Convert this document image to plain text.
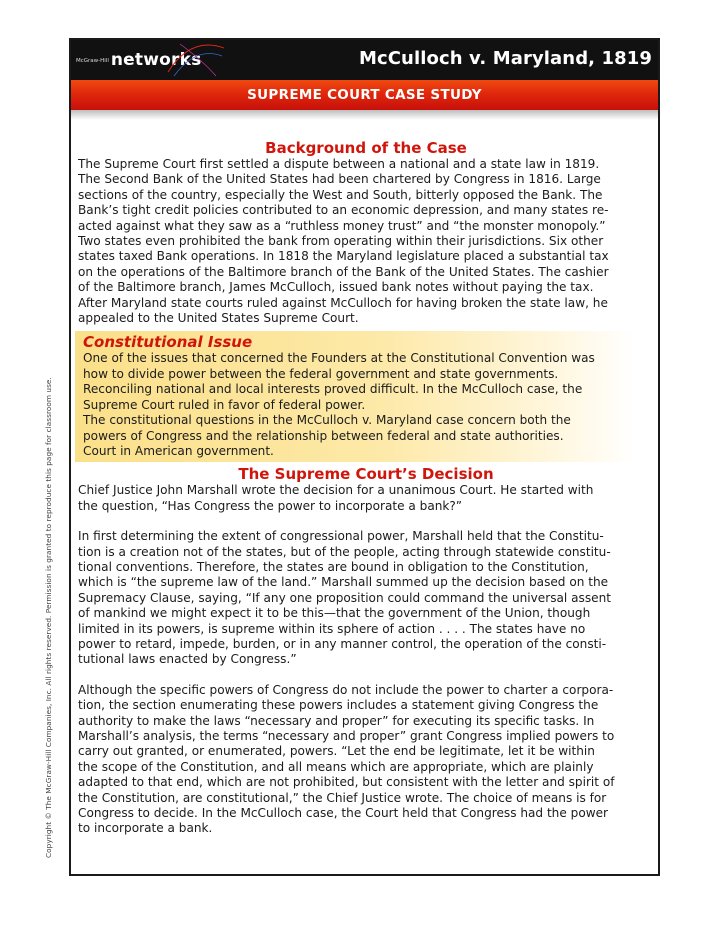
Copyright © The McGraw-Hill Companies, Inc. All rights reserved. Permission is granted to reproduce this page for classroom use.
McGraw-Hill networks	McCulloch v. Maryland, 1819
SUPREME COURT CASE STUDY
Background of the Case
The Supreme Court first settled a dispute between a national and a state law in 1819.
The Second Bank of the United States had been chartered by Congress in 1816. Large
sections of the country, especially the West and South, bitterly opposed the Bank. The
Bank’s tight credit policies contributed to an economic depression, and many states re-
acted against what they saw as a “ruthless money trust” and “the monster monopoly.”
Two states even prohibited the bank from operating within their jurisdictions. Six other
states taxed Bank operations. In 1818 the Maryland legislature placed a substantial tax
on the operations of the Baltimore branch of the Bank of the United States. The cashier
of the Baltimore branch, James McCulloch, issued bank notes without paying the tax.
After Maryland state courts ruled against McCulloch for having broken the state law, he
appealed to the United States Supreme Court.
Constitutional Issue
One of the issues that concerned the Founders at the Constitutional Convention was
how to divide power between the federal government and state governments.
Reconciling national and local interests proved difficult. In the McCulloch case, the
Supreme Court ruled in favor of federal power.
The constitutional questions in the McCulloch v. Maryland case concern both the
powers of Congress and the relationship between federal and state authorities.
Court in American government.
The Supreme Court’s Decision
Chief Justice John Marshall wrote the decision for a unanimous Court. He started with
the question, “Has Congress the power to incorporate a bank?”
In first determining the extent of congressional power, Marshall held that the Constitu-
tion is a creation not of the states, but of the people, acting through statewide constitu-
tional conventions. Therefore, the states are bound in obligation to the Constitution,
which is “the supreme law of the land.” Marshall summed up the decision based on the
Supremacy Clause, saying, “If any one proposition could command the universal assent
of mankind we might expect it to be this—that the government of the Union, though
limited in its powers, is supreme within its sphere of action . . . . The states have no
power to retard, impede, burden, or in any manner control, the operation of the consti-
tutional laws enacted by Congress.”
Although the specific powers of Congress do not include the power to charter a corpora-
tion, the section enumerating these powers includes a statement giving Congress the
authority to make the laws “necessary and proper” for executing its specific tasks. In
Marshall’s analysis, the terms “necessary and proper” grant Congress implied powers to
carry out granted, or enumerated, powers. “Let the end be legitimate, let it be within
the scope of the Constitution, and all means which are appropriate, which are plainly
adapted to that end, which are not prohibited, but consistent with the letter and spirit of
the Constitution, are constitutional,” the Chief Justice wrote. The choice of means is for
Congress to decide. In the McCulloch case, the Court held that Congress had the power
to incorporate a bank.
